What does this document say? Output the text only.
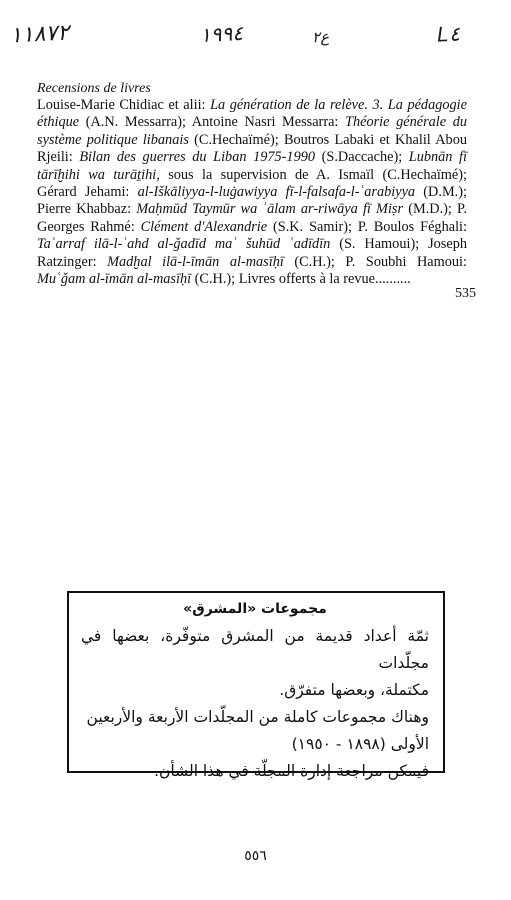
١١٨٧٢	١٩٩٤	ع٢	L٤

Recensions de livres

Louise-Marie Chidiac et alii: La génération de la relève. 3. La pédagogie éthique (A.N. Messarra); Antoine Nasri Messarra: Théorie générale du système politique libanais (C.Hechaïmé); Boutros Labaki et Khalil Abou Rjeili: Bilan des guerres du Liban 1975-1990 (S.Daccache); Lubnān fī tārīḫihi wa turāṯihi, sous la supervision de A. Ismaïl (C.Hechaïmé); Gérard Jehami: al-Iškāliyya-l-luġawiyya fī-l-falsafa-l-ʿarabiyya (D.M.); Pierre Khabbaz: Maḥmūd Taymūr wa ʿālam ar-riwāya fī Miṣr (M.D.); P. Georges Rahmé: Clément d'Alexandrie (S.K. Samir); P. Boulos Féghali: Taʿarraf ilā-l-ʿahd al-ǧadīd maʿ šuhūd ʿadīdīn (S. Hamoui); Joseph Ratzinger: Madḫal ilā-l-īmān al-masīḥī (C.H.); P. Soubhi Hamoui: Muʿǧam al-īmān al-masīḥī (C.H.); Livres offerts à la revue..........

535

مجموعات «المشرق»

ثمّة أعداد قديمة من المشرق متوفّرة، بعضها في مجلّدات

مكتملة، وبعضها متفرّق.

وهناك مجموعات كاملة من المجلّدات الأربعة والأربعين

الأولى (١٨٩٨ - ١٩٥٠)

فيمكن مراجعة إدارة المجلّة في هذا الشأن.

٥٥٦
